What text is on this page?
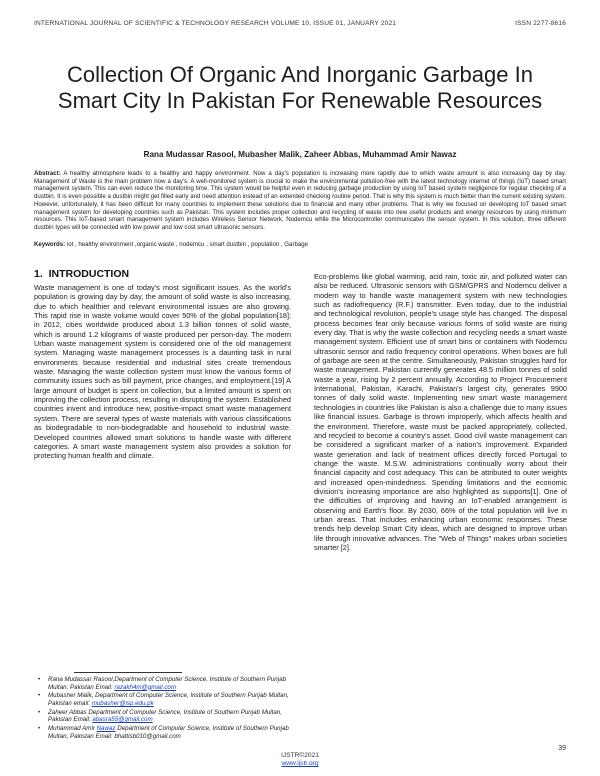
INTERNATIONAL JOURNAL OF SCIENTIFIC & TECHNOLOGY RESEARCH VOLUME 10, ISSUE 01, JANUARY 2021	ISSN 2277-8616
Collection Of Organic And Inorganic Garbage In Smart City In Pakistan For Renewable Resources
Rana Mudassar Rasool, Mubasher Malik, Zaheer Abbas, Muhammad Amir Nawaz
Abstract: A healthy atmosphere leads to a healthy and happy environment. Now a day's population is increasing more rapidly due to which waste amount is also increasing day by day. Management of Waste is the main problem now a day's. A well-monitored system is crucial to make the environmental pollution-free with the latest technology internet of things (IoT) based smart management system. This can even reduce the monitoring time. This system would be helpful even in reducing garbage production by using IoT based system negligence for regular checking of a dustbin. It is even possible a dustbin might get filled early and need attention instead of an extended checking routine period. That is why this system is much better than the current existing system. However, unfortunately, it has been difficult for many countries to implement these solutions due to financial and many other problems. That is why we focused on developing IoT based smart management system for developing countries such as Pakistan. This system includes proper collection and recycling of waste into new useful products and energy resources by using minimum resources. This IoT-based smart management system includes Wireless Sensor Network, Nodemcu while the Microcontroller communicates the sensor system. In this solution, three different dustbin types will be connected with low power and low cost smart ultrasonic sensors.
Keywords: iot , healthy environment ,organic waste , nodemcu , smart dustbin , population , Garbage
1. INTRODUCTION
Waste management is one of today's most significant issues. As the world's population is growing day by day, the amount of solid waste is also increasing, due to which healthier and relevant environmental issues are also growing. This rapid rise in waste volume would cover 50% of the global population[18]; in 2012, cities worldwide produced about 1.3 billion tonnes of solid waste, which is around 1.2 kilograms of waste produced per person-day. The modern Urban waste management system is considered one of the old management system. Managing waste management processes is a daunting task in rural environments because residential and industrial sites create tremendous waste. Managing the waste collection system must know the various forms of community issues such as bill payment, price changes, and employment.[19] A large amount of budget is spent on collection, but a limited amount is spent on improving the collection process, resulting in disrupting the system. Established countries invent and introduce new, positive-impact smart waste management system. There are several types of waste materials with various classifications as biodegradable to non-biodegradable and household to industrial waste. Developed countries allowed smart solutions to handle waste with different categories. A smart waste management system also provides a solution for protecting human health and climate.
Eco-problems like global warming, acid rain, toxic air, and polluted water can also be reduced. Ultrasonic sensors with GSM/GPRS and Nodemcu deliver a modern way to handle waste management system with new technologies such as radiofrequency (R.F.) transmitter. Even today, due to the industrial and technological revolution, people's usage style has changed. The disposal process becomes fear only because various forms of solid waste are rising every day. That is why the waste collection and recycling needs a smart waste management system. Efficient use of smart bins or containers with Nodemcu ultrasonic sensor and radio frequency control operations. When boxes are full of garbage are seen at the centre. Simultaneously, Pakistan struggles hard for waste management. Pakistan currently generates 48.5 million tonnes of solid waste a year, rising by 2 percent annually. According to Project Procurement International, Pakistan, Karachi, Pakistan's largest city, generates 9900 tonnes of daily solid waste. Implementing new smart waste management technologies in countries like Pakistan is also a challenge due to many issues like financial issues. Garbage is thrown improperly, which affects health and the environment. Therefore, waste must be packed appropriately, collected, and recycled to become a country's asset. Good civil waste management can be considered a significant marker of a nation's improvement. Expanded waste generation and lack of treatment offices directly forced Portugal to change the waste. M.S.W. administrations continually worry about their financial capacity and cost adequacy. This can be attributed to outer weights and increased open-mindedness. Spending limitations and the economic division's increasing importance are also highlighted as supports[1]. One of the difficulties of improving and having an IoT-enabled arrangement is observing and Earth's floor. By 2030, 66% of the total population will live in urban areas. That includes enhancing urban economic responses. These trends help develop Smart City ideas, which are designed to improve urban life through innovative advances. The "Web of Things" makes urban societies smarter [2].
• Rana Mudassar Rasool,Department of Computer Science, Institute of Southern Punjab Multan, Pakistan Email: razakh4m@gmail.com
• Mubasher Malik, Department of Computer Science, Institute of Southern Punjab Multan, Pakistan email: mubasher@isp.edu.pk
• Zaheer Abbas Department of Computer Science, Institute of Southern Punjab Multan, Pakistan Email: abasra55@gmail.com
• Muhammad Amir Nawaz Department of Computer Science, Institute of Southern Punjab Multan, Pakistan Email: bhattisb010@gmail.com
39
IJSTR©2021
www.ijstr.org
